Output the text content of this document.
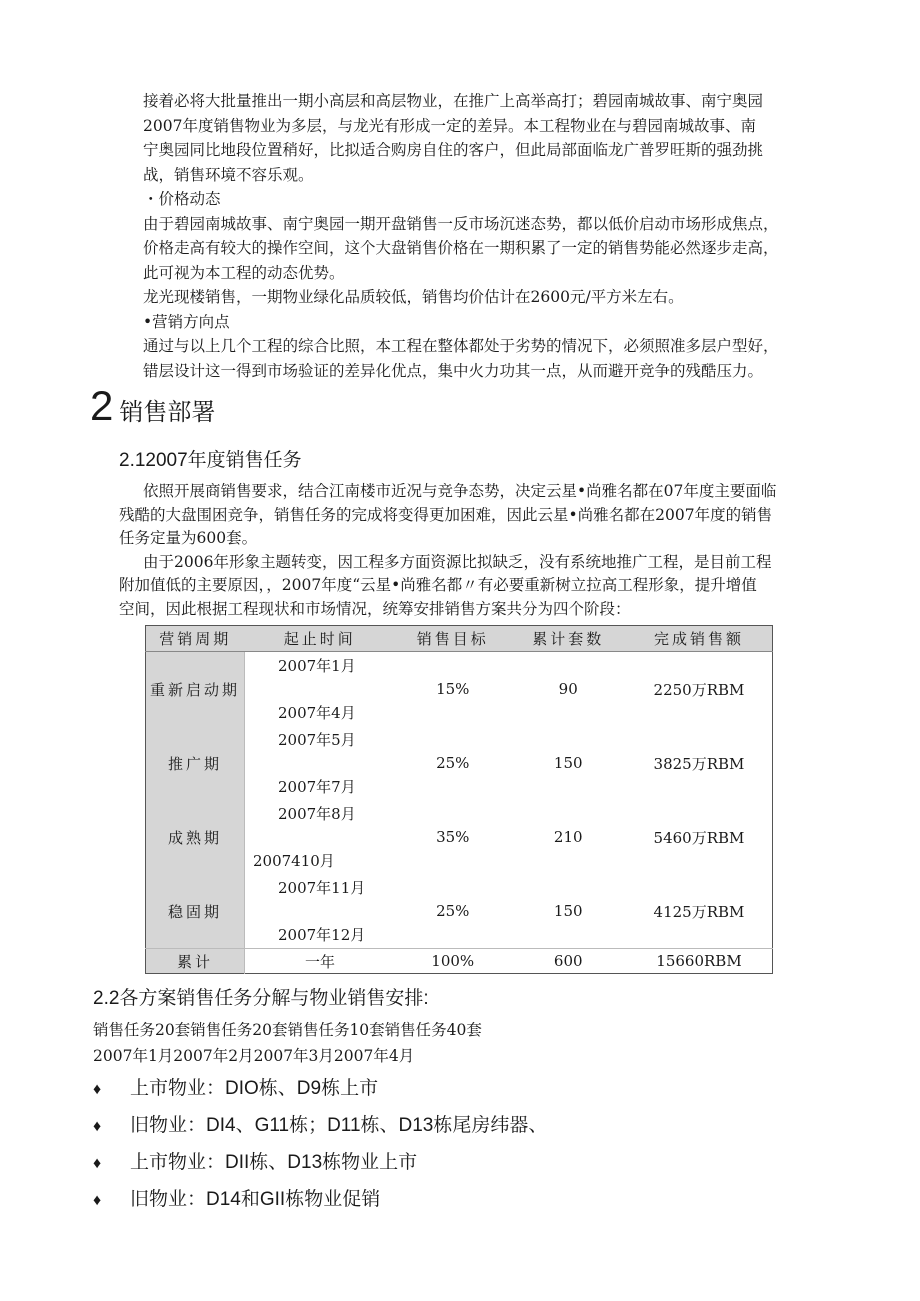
接着必将大批量推出一期小高层和高层物业，在推广上高举高打；碧园南城故事、南宁奥园
2007年度销售物业为多层，与龙光有形成一定的差异。本工程物业在与碧园南城故事、南
宁奥园同比地段位置稍好，比拟适合购房自住的客户，但此局部面临龙广普罗旺斯的强劲挑
战，销售环境不容乐观。
・价格动态
由于碧园南城故事、南宁奥园一期开盘销售一反市场沉迷态势，都以低价启动市场形成焦点，
价格走高有较大的操作空间，这个大盘销售价格在一期积累了一定的销售势能必然逐步走高，
此可视为本工程的动态优势。
龙光现楼销售，一期物业绿化品质较低，销售均价估计在2600元/平方米左右。
•营销方向点
通过与以上几个工程的综合比照，本工程在整体都处于劣势的情况下，必须照准多层户型好，
错层设计这一得到市场验证的差异化优点，集中火力功其一点，从而避开竞争的残酷压力。
2 销售部署
2.12007年度销售任务
依照开展商销售要求，结合江南楼市近况与竞争态势，决定云星•尚雅名都在07年度主要面临
残酷的大盘围困竞争，销售任务的完成将变得更加困难，因此云星•尚雅名都在2007年度的销售
任务定量为600套。
由于2006年形象主题转变，因工程多方面资源比拟缺乏，没有系统地推广工程，是目前工程
附加值低的主要原因，，2007年度“云星•尚雅名都〃有必要重新树立拉高工程形象，提升增值
空间，因此根据工程现状和市场情况，统筹安排销售方案共分为四个阶段：
营销周期	起止时间	销售目标	累计套数	完成销售额
重新启动期	2007年1月
2007年4月	15%	90	2250万RBM
推广期	2007年5月
2007年7月	25%	150	3825万RBM
成熟期	2007年8月
2007410月	35%	210	5460万RBM
稳固期	2007年11月
2007年12月	25%	150	4125万RBM
累计	一年	100%	600	15660RBM
2.2各方案销售任务分解与物业销售安排:
销售任务20套销售任务20套销售任务10套销售任务40套
2007年1月2007年2月2007年3月2007年4月
♦ 上市物业：DIO栋、D9栋上市
♦ 旧物业：DI4、G11栋；D11栋、D13栋尾房纬器、
♦ 上市物业：DII栋、D13栋物业上市
♦ 旧物业：D14和GII栋物业促销
